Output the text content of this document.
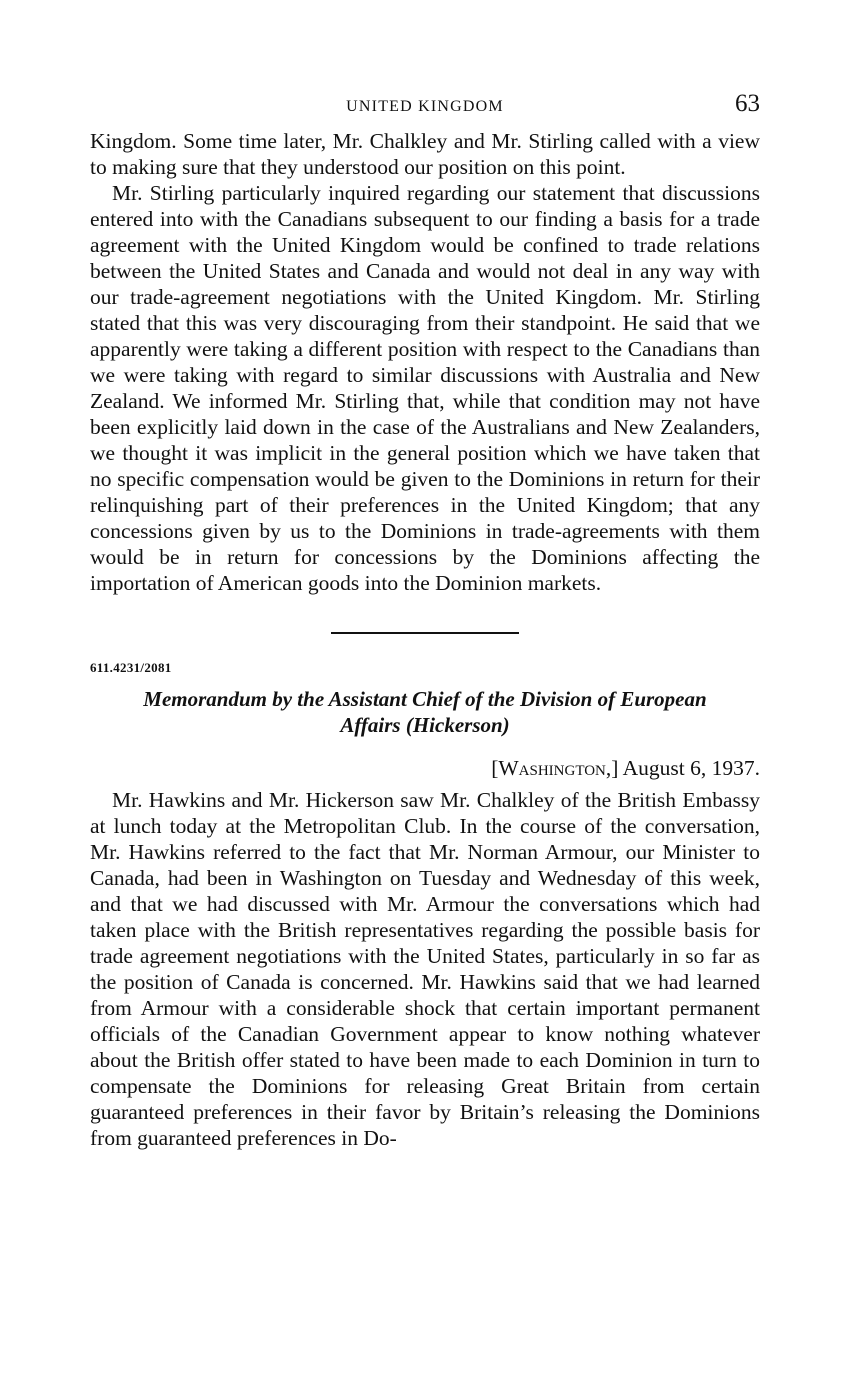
UNITED KINGDOM	63

Kingdom. Some time later, Mr. Chalkley and Mr. Stirling called with a view to making sure that they understood our position on this point.

Mr. Stirling particularly inquired regarding our statement that discussions entered into with the Canadians subsequent to our finding a basis for a trade agreement with the United Kingdom would be confined to trade relations between the United States and Canada and would not deal in any way with our trade-agreement negotiations with the United Kingdom. Mr. Stirling stated that this was very discouraging from their standpoint. He said that we apparently were taking a different position with respect to the Canadians than we were taking with regard to similar discussions with Australia and New Zealand. We informed Mr. Stirling that, while that condition may not have been explicitly laid down in the case of the Australians and New Zealanders, we thought it was implicit in the general position which we have taken that no specific compensation would be given to the Dominions in return for their relinquishing part of their preferences in the United Kingdom; that any concessions given by us to the Dominions in trade-agreements with them would be in return for concessions by the Dominions affecting the importation of American goods into the Dominion markets.

611.4231/2081
Memorandum by the Assistant Chief of the Division of European Affairs (Hickerson)
[Washington,] August 6, 1937.

Mr. Hawkins and Mr. Hickerson saw Mr. Chalkley of the British Embassy at lunch today at the Metropolitan Club. In the course of the conversation, Mr. Hawkins referred to the fact that Mr. Norman Armour, our Minister to Canada, had been in Washington on Tuesday and Wednesday of this week, and that we had discussed with Mr. Armour the conversations which had taken place with the British representatives regarding the possible basis for trade agreement negotiations with the United States, particularly in so far as the position of Canada is concerned. Mr. Hawkins said that we had learned from Armour with a considerable shock that certain important permanent officials of the Canadian Government appear to know nothing whatever about the British offer stated to have been made to each Dominion in turn to compensate the Dominions for releasing Great Britain from certain guaranteed preferences in their favor by Britain’s releasing the Dominions from guaranteed preferences in Do-
